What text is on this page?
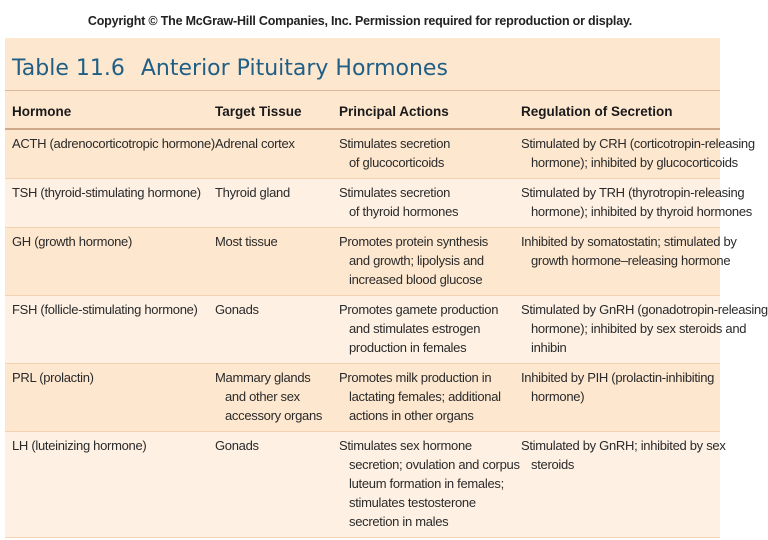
Copyright © The McGraw-Hill Companies, Inc. Permission required for reproduction or display.
Table 11.6 Anterior Pituitary Hormones
Hormone	Target Tissue	Principal Actions	Regulation of Secretion

ACTH (adrenocorticotropic hormone)	Adrenal cortex	Stimulates secretion
of glucocorticoids	Stimulated by CRH (corticotropin-releasing
hormone); inhibited by glucocorticoids

TSH (thyroid-stimulating hormone)	Thyroid gland	Stimulates secretion
of thyroid hormones	Stimulated by TRH (thyrotropin-releasing
hormone); inhibited by thyroid hormones

GH (growth hormone)	Most tissue	Promotes protein synthesis
and growth; lipolysis and
increased blood glucose	Inhibited by somatostatin; stimulated by
growth hormone–releasing hormone

FSH (follicle-stimulating hormone)	Gonads	Promotes gamete production
and stimulates estrogen
production in females	Stimulated by GnRH (gonadotropin-releasing
hormone); inhibited by sex steroids and
inhibin

PRL (prolactin)	Mammary glands
and other sex
accessory organs	Promotes milk production in
lactating females; additional
actions in other organs	Inhibited by PIH (prolactin-inhibiting
hormone)

LH (luteinizing hormone)	Gonads	Stimulates sex hormone
secretion; ovulation and corpus
luteum formation in females;
stimulates testosterone
secretion in males	Stimulated by GnRH; inhibited by sex
steroids
